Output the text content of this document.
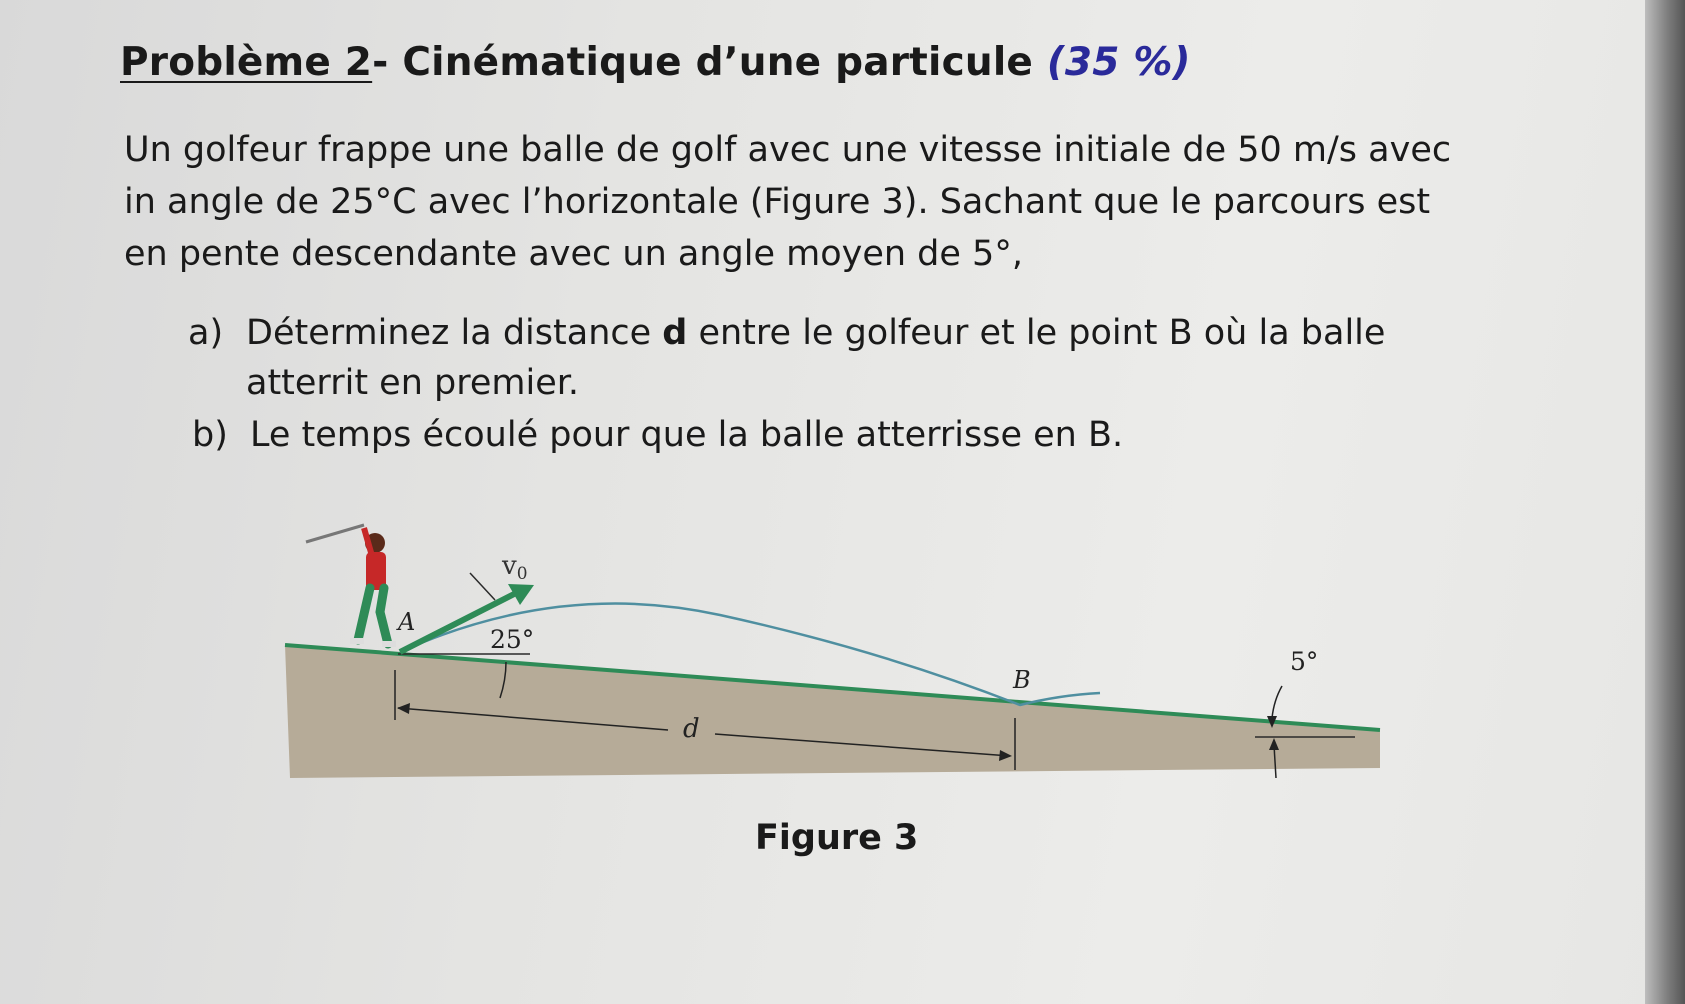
Problème 2- Cinématique d’une particule (35 %)
Un golfeur frappe une balle de golf avec une vitesse initiale de 50 m/s avec
in angle de 25°C avec l’horizontale (Figure 3). Sachant que le parcours est
en pente descendante avec un angle moyen de 5°,
a) Déterminez la distance d entre le golfeur et le point B où la balle
atterrit en premier.
b) Le temps écoulé pour que la balle atterrisse en B.
v0
25°
A
B
5°
d
Figure 3
